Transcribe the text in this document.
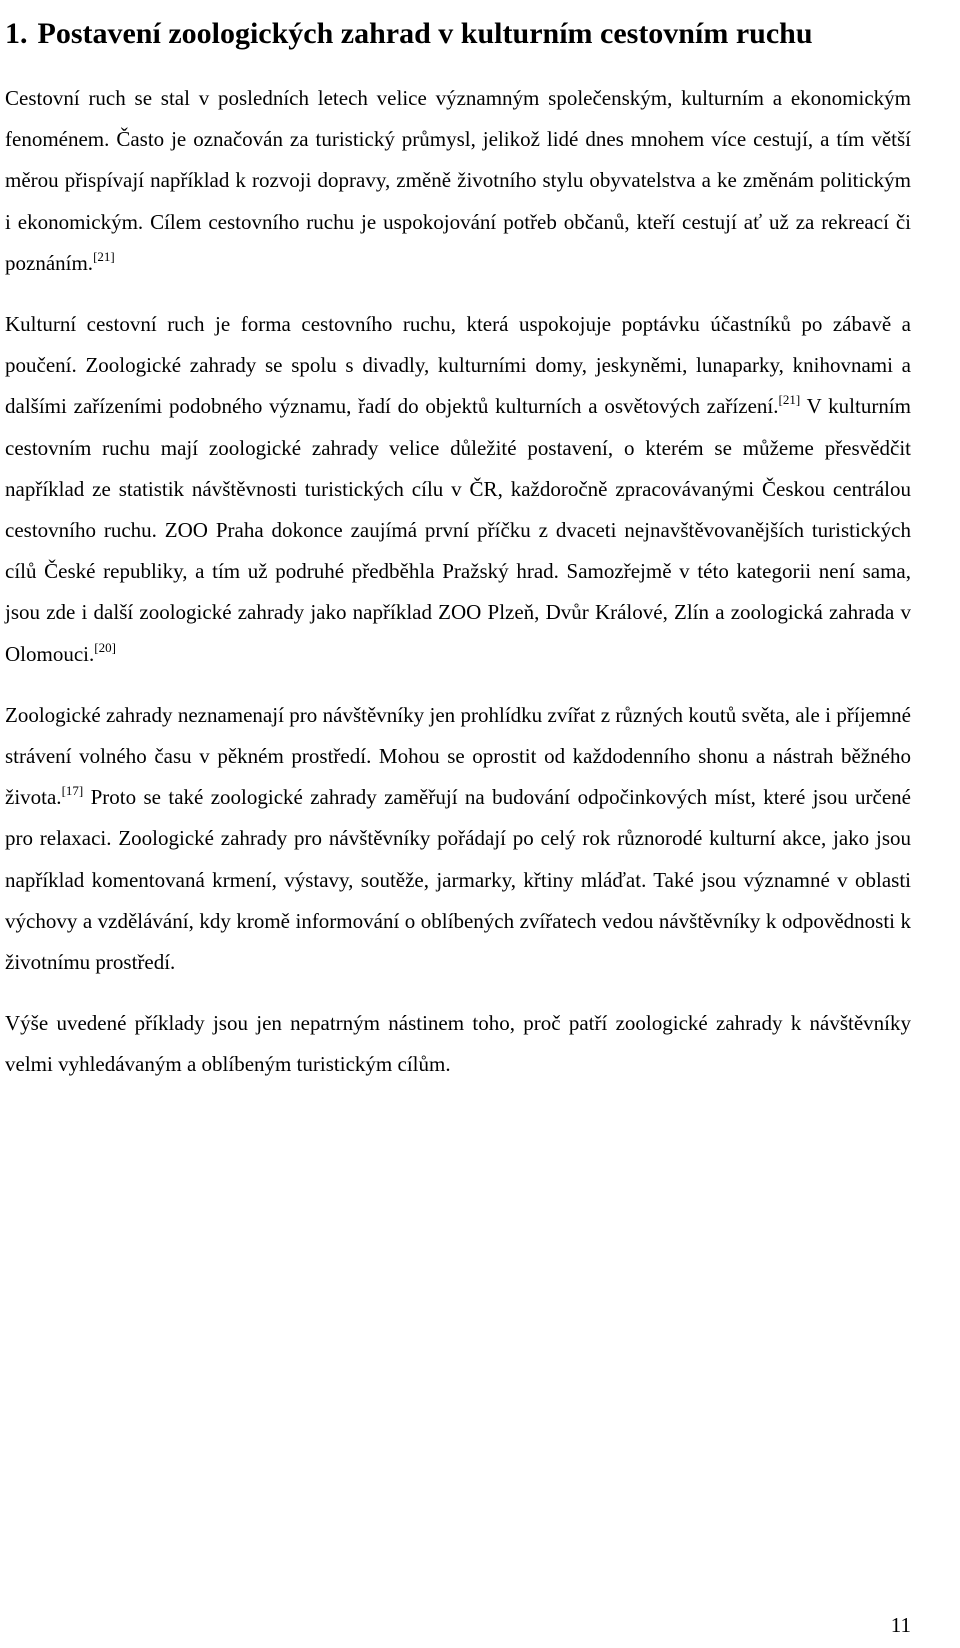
1. Postavení zoologických zahrad v kulturním cestovním ruchu

Cestovní ruch se stal v posledních letech velice významným společenským, kulturním a ekonomickým fenoménem. Často je označován za turistický průmysl, jelikož lidé dnes mnohem více cestují, a tím větší měrou přispívají například k rozvoji dopravy, změně životního stylu obyvatelstva a ke změnám politickým i ekonomickým. Cílem cestovního ruchu je uspokojování potřeb občanů, kteří cestují ať už za rekreací či poznáním.[21]

Kulturní cestovní ruch je forma cestovního ruchu, která uspokojuje poptávku účastníků po zábavě a poučení. Zoologické zahrady se spolu s divadly, kulturními domy, jeskyněmi, lunaparky, knihovnami a dalšími zařízeními podobného významu, řadí do objektů kulturních a osvětových zařízení.[21] V kulturním cestovním ruchu mají zoologické zahrady velice důležité postavení, o kterém se můžeme přesvědčit například ze statistik návštěvnosti turistických cílu v ČR, každoročně zpracovávanými Českou centrálou cestovního ruchu. ZOO Praha dokonce zaujímá první příčku z dvaceti nejnavštěvovanějších turistických cílů České republiky, a tím už podruhé předběhla Pražský hrad. Samozřejmě v této kategorii není sama, jsou zde i další zoologické zahrady jako například ZOO Plzeň, Dvůr Králové, Zlín a zoologická zahrada v Olomouci.[20]

Zoologické zahrady neznamenají pro návštěvníky jen prohlídku zvířat z různých koutů světa, ale i příjemné strávení volného času v pěkném prostředí. Mohou se oprostit od každodenního shonu a nástrah běžného života.[17] Proto se také zoologické zahrady zaměřují na budování odpočinkových míst, které jsou určené pro relaxaci. Zoologické zahrady pro návštěvníky pořádají po celý rok různorodé kulturní akce, jako jsou například komentovaná krmení, výstavy, soutěže, jarmarky, křtiny mláďat. Také jsou významné v oblasti výchovy a vzdělávání, kdy kromě informování o oblíbených zvířatech vedou návštěvníky k odpovědnosti k životnímu prostředí.

Výše uvedené příklady jsou jen nepatrným nástinem toho, proč patří zoologické zahrady k návštěvníky velmi vyhledávaným a oblíbeným turistickým cílům.

11
